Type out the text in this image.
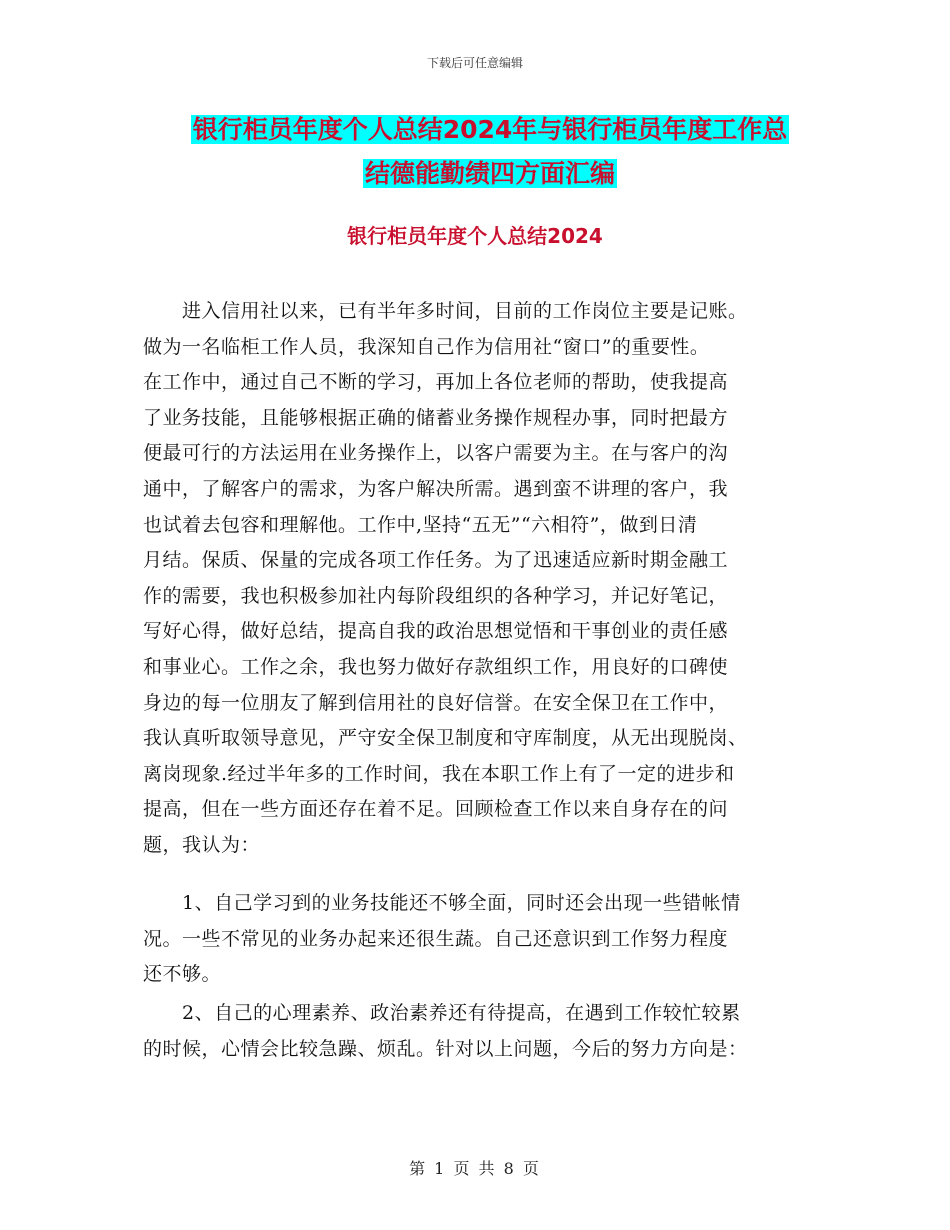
下载后可任意编辑
银行柜员年度个人总结2024年与银行柜员年度工作总
结德能勤绩四方面汇编
银行柜员年度个人总结2024
　　进入信用社以来，已有半年多时间，目前的工作岗位主要是记账。
做为一名临柜工作人员，我深知自己作为信用社“窗口”的重要性。
在工作中，通过自己不断的学习，再加上各位老师的帮助，使我提高
了业务技能，且能够根据正确的储蓄业务操作规程办事，同时把最方
便最可行的方法运用在业务操作上，以客户需要为主。在与客户的沟
通中，了解客户的需求，为客户解决所需。遇到蛮不讲理的客户，我
也试着去包容和理解他。工作中,坚持“五无”“六相符”，做到日清
月结。保质、保量的完成各项工作任务。为了迅速适应新时期金融工
作的需要，我也积极参加社内每阶段组织的各种学习，并记好笔记，
写好心得，做好总结，提高自我的政治思想觉悟和干事创业的责任感
和事业心。工作之余，我也努力做好存款组织工作，用良好的口碑使
身边的每一位朋友了解到信用社的良好信誉。在安全保卫在工作中，
我认真听取领导意见，严守安全保卫制度和守库制度，从无出现脱岗、
离岗现象.经过半年多的工作时间，我在本职工作上有了一定的进步和
提高，但在一些方面还存在着不足。回顾检查工作以来自身存在的问
题，我认为：
　　1、自己学习到的业务技能还不够全面，同时还会出现一些错帐情
况。一些不常见的业务办起来还很生蔬。自己还意识到工作努力程度
还不够。
　　2、自己的心理素养、政治素养还有待提高，在遇到工作较忙较累
的时候，心情会比较急躁、烦乱。针对以上问题，今后的努力方向是：
第 1 页 共 8 页
